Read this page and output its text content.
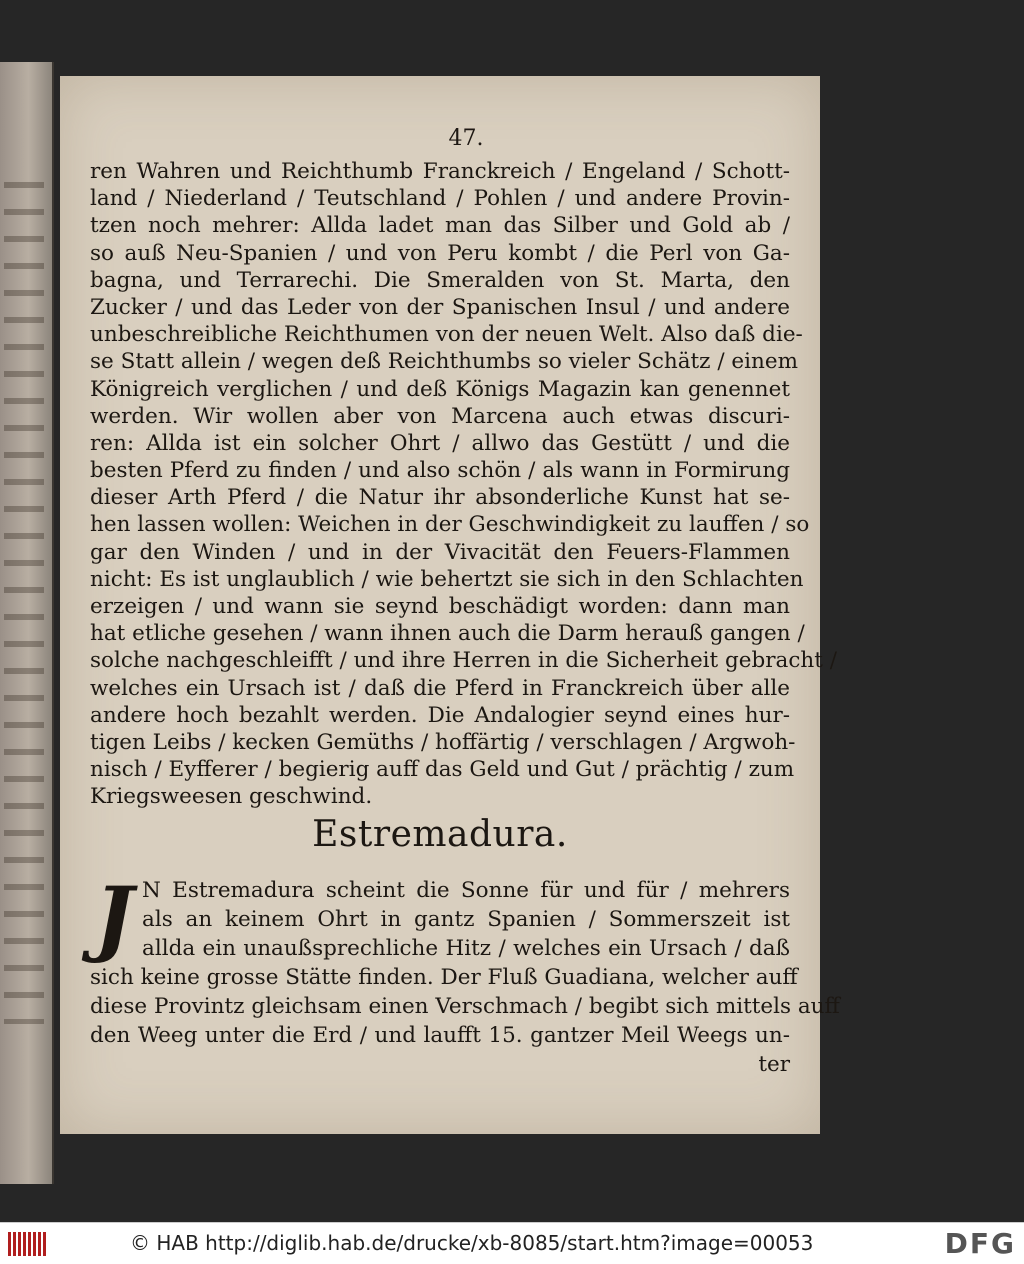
47.
ren Wahren und Reichthumb Franckreich / Engeland / Schott-
land / Niederland / Teutschland / Pohlen / und andere Provin-
tzen noch mehrer: Allda ladet man das Silber und Gold ab /
so auß Neu-Spanien / und von Peru kombt / die Perl von Ga-
bagna, und Terrarechi. Die Smeralden von St. Marta, den
Zucker / und das Leder von der Spanischen Insul / und andere
unbeschreibliche Reichthumen von der neuen Welt. Also daß die-
se Statt allein / wegen deß Reichthumbs so vieler Schätz / einem
Königreich verglichen / und deß Königs Magazin kan genennet
werden. Wir wollen aber von Marcena auch etwas discuri-
ren: Allda ist ein solcher Ohrt / allwo das Gestütt / und die
besten Pferd zu finden / und also schön / als wann in Formirung
dieser Arth Pferd / die Natur ihr absonderliche Kunst hat se-
hen lassen wollen: Weichen in der Geschwindigkeit zu lauffen / so
gar den Winden / und in der Vivacität den Feuers-Flammen
nicht: Es ist unglaublich / wie behertzt sie sich in den Schlachten
erzeigen / und wann sie seynd beschädigt worden: dann man
hat etliche gesehen / wann ihnen auch die Darm herauß gangen /
solche nachgeschleifft / und ihre Herren in die Sicherheit gebracht /
welches ein Ursach ist / daß die Pferd in Franckreich über alle
andere hoch bezahlt werden. Die Andalogier seynd eines hur-
tigen Leibs / kecken Gemüths / hoffärtig / verschlagen / Argwoh-
nisch / Eyfferer / begierig auff das Geld und Gut / prächtig / zum
Kriegsweesen geschwind.
Estremadura.
J N Estremadura scheint die Sonne für und für / mehrers
als an keinem Ohrt in gantz Spanien / Sommerszeit ist
allda ein unaußsprechliche Hitz / welches ein Ursach / daß
sich keine grosse Stätte finden. Der Fluß Guadiana, welcher auff
diese Provintz gleichsam einen Verschmach / begibt sich mittels auff
den Weeg unter die Erd / und laufft 15. gantzer Meil Weegs un-
ter
© HAB http://diglib.hab.de/drucke/xb-8085/start.htm?image=00053	DFG
